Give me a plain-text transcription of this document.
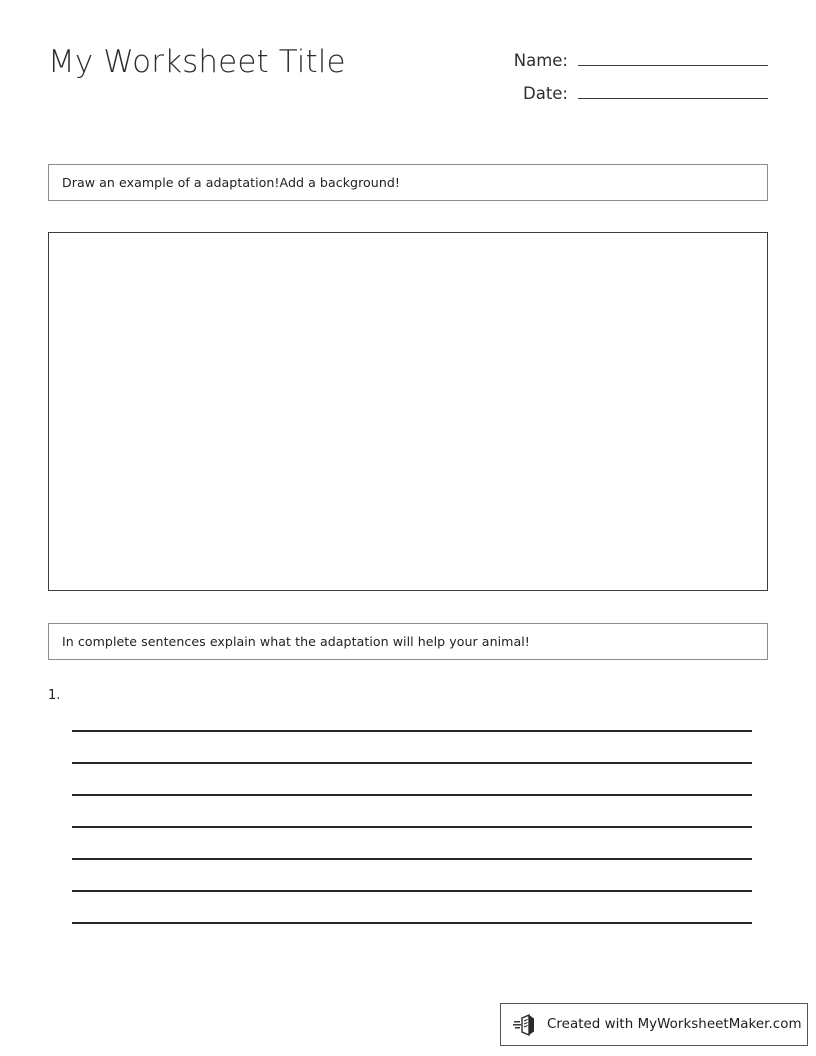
My Worksheet Title	Name:
Date:
Draw an example of a adaptation!Add a background!
In complete sentences explain what the adaptation will help your animal!
1.
Created with MyWorksheetMaker.com
